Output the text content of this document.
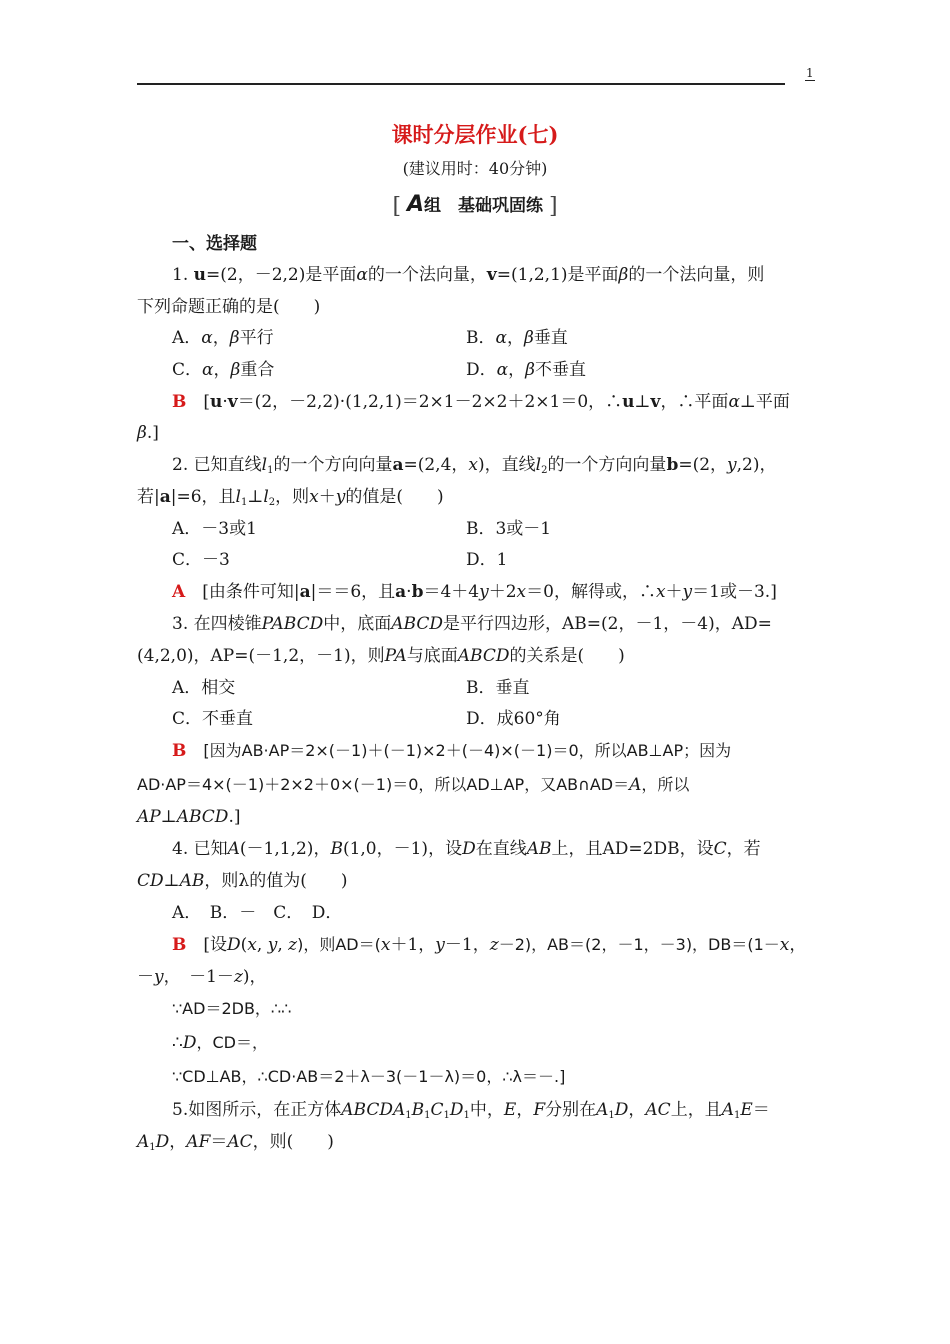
1
课时分层作业(七)
(建议用时：40分钟)
[ A组　基础巩固练 ]
一、选择题
1. u=(2，－2,2)是平面α的一个法向量，v=(1,2,1)是平面β的一个法向量，则
下列命题正确的是(　　)
A．α，β平行	B．α，β垂直
C．α，β重合	D．α，β不垂直
B　 [u·v＝(2，－2,2)·(1,2,1)＝2×1－2×2＋2×1＝0，∴u⊥v，∴平面α⊥平面
β.]
2. 已知直线$l_1$的一个方向向量a=(2,4，x)，直线$l_2$的一个方向向量b=(2，y,2)，
若|a|=6，且$l_1\perp l_2$，则x＋y的值是(　　)
A．－3或1	B．3或－1
C．－3	D．1
A　 [由条件可知|a|＝＝6，且a·b＝4＋4y＋2x＝0，解得或，∴x＋y＝1或－3.]
3. 在四棱锥PABCD中，底面ABCD是平行四边形，AB=(2，－1，－4)，AD=
(4,2,0)，AP=(－1,2，－1)，则PA与底面ABCD的关系是(　　)
A．相交	B．垂直
C．不垂直	D．成60°角
B　 [因为AB·AP＝2×(－1)＋(－1)×2＋(－4)×(－1)＝0，所以AB⊥AP；因为
AD·AP＝4×(－1)＋2×2＋0×(－1)＝0，所以AD⊥AP，又AB∩AD＝A，所以
AP⊥ABCD.]
4. 已知A(－1,1,2)，B(1,0，－1)，设D在直线AB上，且AD=2DB，设C，若
CD⊥AB，则λ的值为(　　)
A．　B．－　C．　D．
B　 [设D(x, y, z)，则AD＝(x＋1，y－1，z－2)，AB＝(2，－1，－3)，DB＝(1－x，
－y，　－1－z)，
∵AD＝2DB，∴∴
∴D，CD＝，
∵CD⊥AB，∴CD·AB＝2＋λ－3(－1－λ)＝0，∴λ＝－.]
5.如图所示，在正方体$ABCDA_1B_1C_1D_1$中，E，F分别在$A_1D$，AC上，且$A_1E=$
$A_1D$，AF＝AC，则(　　)
